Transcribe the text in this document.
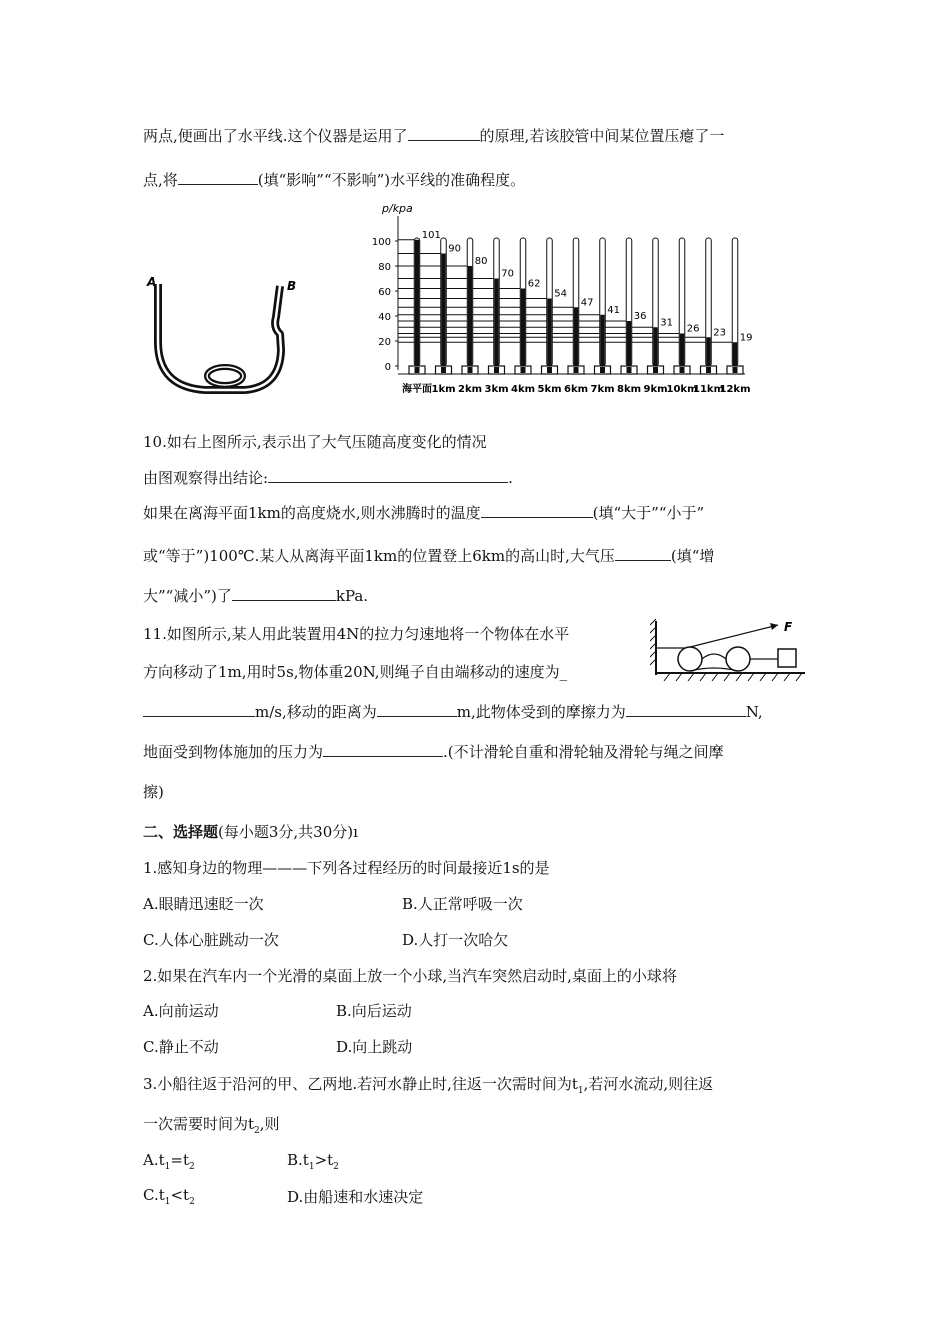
两点,便画出了水平线.这个仪器是运用了	的原理,若该胶管中间某位置压瘪了一
点,将	(填“影响”“不影响”)水平线的准确程度。
A	B
p/kpa
0
20
40
60
80
100
101
90
80
70
62
54
47
41
36
31
26 23 19
海平面 1km 2km 3km 4km 5km 6km 7km 8km 9km
10km
11km
12km
10.如右上图所示,表示出了大气压随高度变化的情况
由图观察得出结论:	.
如果在离海平面1km的高度烧水,则水沸腾时的温度	(填“大于”“小于”
或“等于”)100℃.某人从离海平面1km的位置登上6km的高山时,大气压	(填“增
大”“减小”)了	kPa.
11.如图所示,某人用此装置用4N的拉力匀速地将一个物体在水平
方向移动了1m,用时5s,物体重20N,则绳子自由端移动的速度为_
m/s,移动的距离为	m,此物体受到的摩擦力为	N,
地面受到物体施加的压力为	.(不计滑轮自重和滑轮轴及滑轮与绳之间摩
擦)
F
二、选择题(每小题3分,共30分)ı
1.感知身边的物理———下列各过程经历的时间最接近1s的是
A.眼睛迅速眨一次	B.人正常呼吸一次
C.人体心脏跳动一次	D.人打一次哈欠
2.如果在汽车内一个光滑的桌面上放一个小球,当汽车突然启动时,桌面上的小球将
A.向前运动	B.向后运动
C.静止不动	D.向上跳动
3.小船往返于沿河的甲、乙两地.若河水静止时,往返一次需时间为$t_1$,若河水流动,则往返
一次需要时间为$t_2$,则
$A.t_1=t_2$	$B.t_1>t_2$
$C.t_1<t_2$	D.由船速和水速决定
